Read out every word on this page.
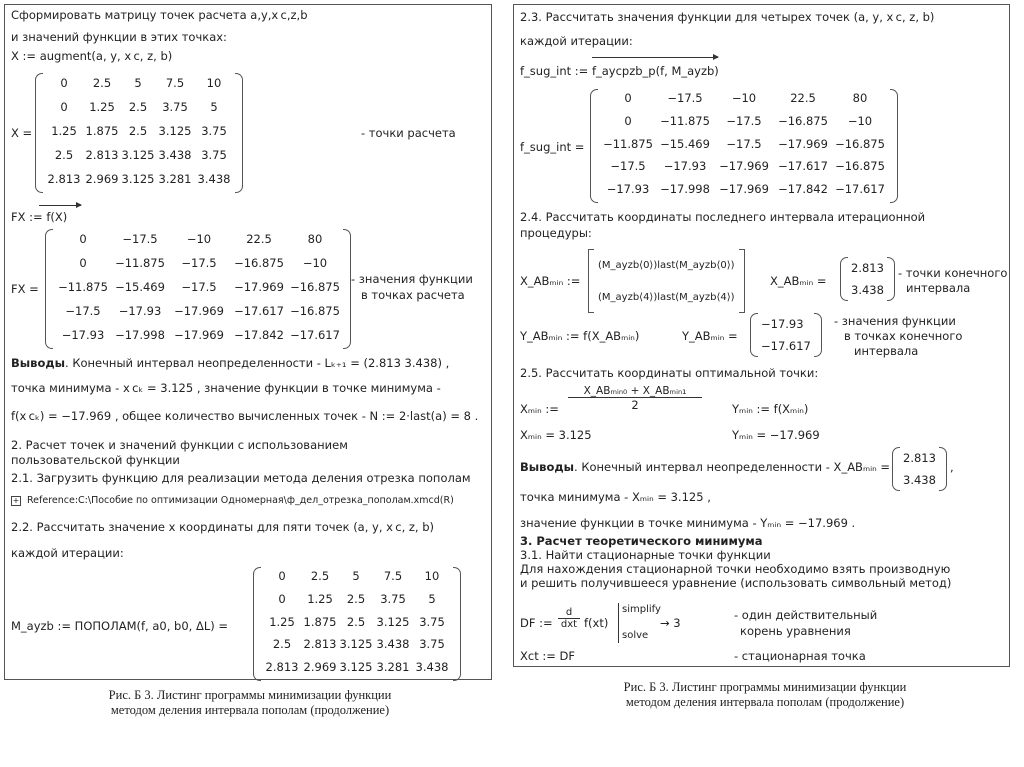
Сформировать матрицу точек расчета a,y,x c,z,b
и значений функции в этих точках:
X := augment(a, y, x c, z, b)
X =
0	2.5	5	7.5	10
0	1.25	2.5	3.75	5
1.25 1.875 2.5 3.125 3.75
2.5	2.813 3.125 3.438 3.75
2.813 2.969 3.125 3.281 3.438
- точки расчета
FX := f(X)
FX =
0	−17.5	−10	22.5	80
0	−11.875	−17.5	−16.875	−10
−11.875 −15.469	−17.5	−17.969 −16.875
−17.5	−17.93	−17.969 −17.617 −16.875
−17.93 −17.998 −17.969 −17.842 −17.617
- значения функции
в точках расчета
Выводы. Конечный интервал неопределенности - Lₖ₊₁ = (2.813 3.438) ,
точка минимума - x cₖ = 3.125 , значение функции в точке минимума -
f(x cₖ) = −17.969 , общее количество вычисленных точек - N := 2·last(a) = 8 .
2. Расчет точек и значений функции с использованием
пользовательской функции
2.1. Загрузить функцию для реализации метода деления отрезка пополам
+ Reference:C:\Пособие по оптимизации Одномерная\ф_дел_отрезка_пополам.xmcd(R)
2.2. Рассчитать значение x координаты для пяти точек (a, y, x c, z, b)
каждой итерации:
M_ayzb := ПОПОЛАМ(f, a0, b0, ΔL) =
0	2.5	5	7.5	10
0	1.25	2.5	3.75	5
1.25 1.875 2.5 3.125 3.75
2.5	2.813 3.125 3.438 3.75
2.813 2.969 3.125 3.281 3.438
Рис. Б 3. Листинг программы минимизации функции
методом деления интервала пополам (продолжение)
2.3. Рассчитать значения функции для четырех точек (a, y, x c, z, b)
каждой итерации:
f_sug_int := f_aycpzb_p(f, M_ayzb)
f_sug_int =
0	−17.5	−10	22.5	80
0	−11.875	−17.5	−16.875	−10
−11.875 −15.469	−17.5	−17.969 −16.875
−17.5	−17.93	−17.969 −17.617 −16.875
−17.93 −17.998 −17.969 −17.842 −17.617
2.4. Рассчитать координаты последнего интервала итерационной
процедуры:
X_ABₘᵢₙ :=
(M_ayzb⟨0⟩)last(M_ayzb⟨0⟩)
(M_ayzb⟨4⟩)last(M_ayzb⟨4⟩)
X_ABₘᵢₙ =
2.813
3.438
- точки конечного
интервала
Y_ABₘᵢₙ := f(X_ABₘᵢₙ)	Y_ABₘᵢₙ =
−17.93
−17.617
- значения функции
в точках конечного
интервала
2.5. Рассчитать координаты оптимальной точки:
Xₘᵢₙ :=
X_ABₘᵢₙ₀ + X_ABₘᵢₙ₁
2	Yₘᵢₙ := f(Xₘᵢₙ)
Xₘᵢₙ = 3.125	Yₘᵢₙ = −17.969
Выводы. Конечный интервал неопределенности - X_ABₘᵢₙ =
2.813
3.438
,
точка минимума - Xₘᵢₙ = 3.125 ,
значение функции в точке минимума - Yₘᵢₙ = −17.969 .
3. Расчет теоретического минимума
3.1. Найти стационарные точки функции
Для нахождения стационарной точки необходимо взять производную
и решить получившееся уравнение (использовать символьный метод)
DF :=
d
dxt f(xt)
simplify
solve
→ 3
- один действительный
корень уравнения
Xct := DF	- стационарная точка
Рис. Б 3. Листинг программы минимизации функции
методом деления интервала пополам (продолжение)
